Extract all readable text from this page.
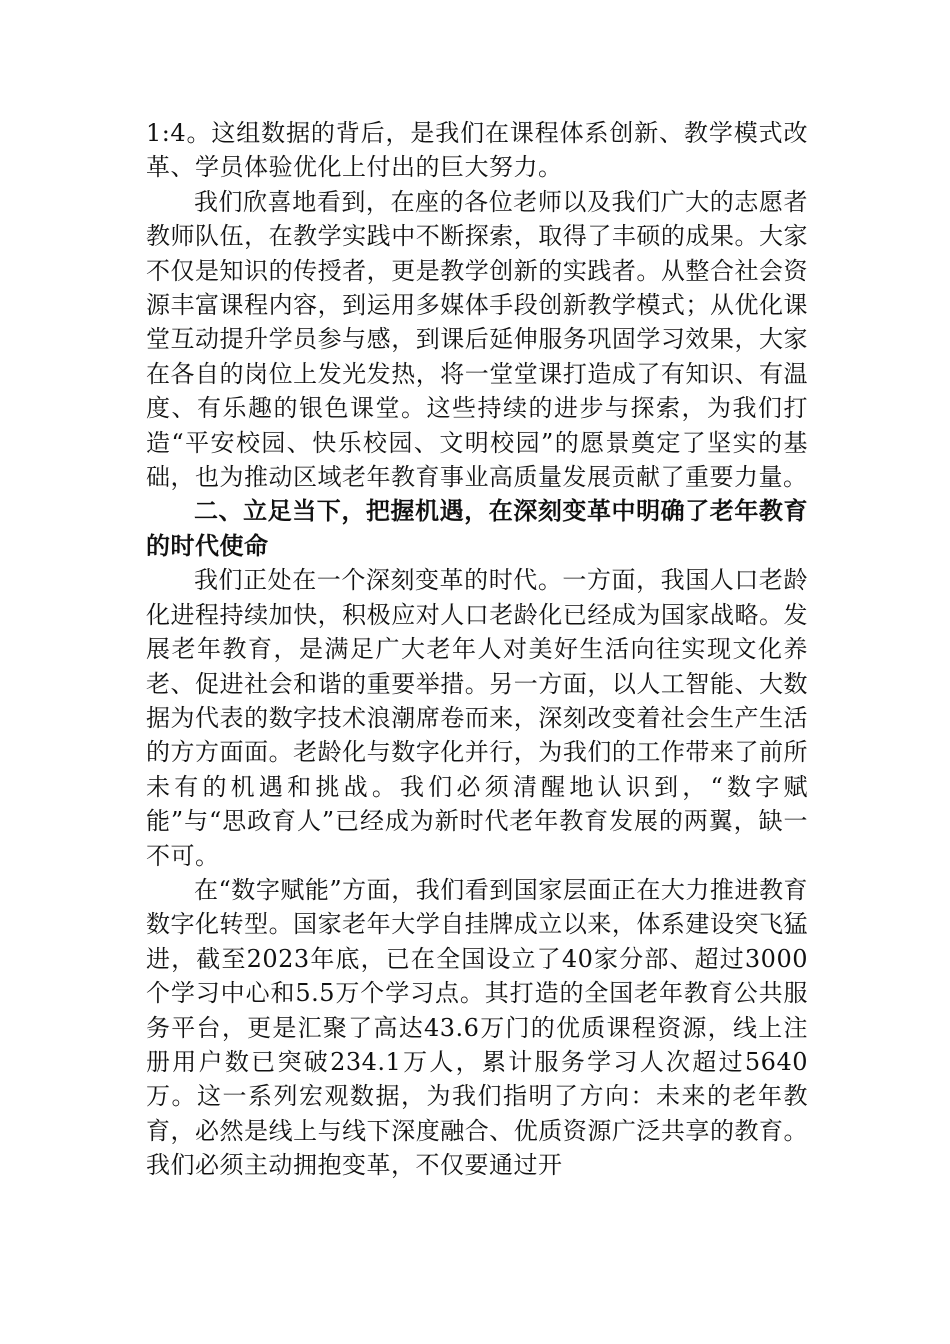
1:4。这组数据的背后，是我们在课程体系创新、教学模式改革、学员体验优化上付出的巨大努力。

我们欣喜地看到，在座的各位老师以及我们广大的志愿者教师队伍，在教学实践中不断探索，取得了丰硕的成果。大家不仅是知识的传授者，更是教学创新的实践者。从整合社会资源丰富课程内容，到运用多媒体手段创新教学模式；从优化课堂互动提升学员参与感，到课后延伸服务巩固学习效果，大家在各自的岗位上发光发热，将一堂堂课打造成了有知识、有温度、有乐趣的银色课堂。这些持续的进步与探索，为我们打造“平安校园、快乐校园、文明校园”的愿景奠定了坚实的基础，也为推动区域老年教育事业高质量发展贡献了重要力量。

二、立足当下，把握机遇，在深刻变革中明确了老年教育的时代使命

我们正处在一个深刻变革的时代。一方面，我国人口老龄化进程持续加快，积极应对人口老龄化已经成为国家战略。发展老年教育，是满足广大老年人对美好生活向往实现文化养老、促进社会和谐的重要举措。另一方面，以人工智能、大数据为代表的数字技术浪潮席卷而来，深刻改变着社会生产生活的方方面面。老龄化与数字化并行，为我们的工作带来了前所未有的机遇和挑战。我们必须清醒地认识到，“数字赋能”与“思政育人”已经成为新时代老年教育发展的两翼，缺一不可。

在“数字赋能”方面，我们看到国家层面正在大力推进教育数字化转型。国家老年大学自挂牌成立以来，体系建设突飞猛进，截至2023年底，已在全国设立了40家分部、超过3000个学习中心和5.5万个学习点。其打造的全国老年教育公共服务平台，更是汇聚了高达43.6万门的优质课程资源，线上注册用户数已突破234.1万人，累计服务学习人次超过5640万。这一系列宏观数据，为我们指明了方向：未来的老年教育，必然是线上与线下深度融合、优质资源广泛共享的教育。我们必须主动拥抱变革，不仅要通过开
